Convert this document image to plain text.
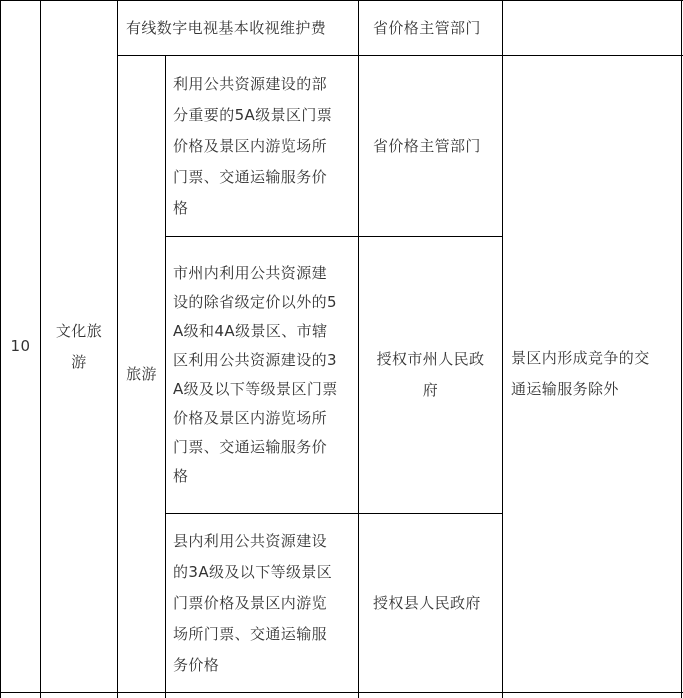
10
文化旅
游
有线数字电视基本收视维护费	省价格主管部门
旅游
利用公共资源建设的部
分重要的5A级景区门票
价格及景区内游览场所
门票、交通运输服务价
格
省价格主管部门
市州内利用公共资源建
设的除省级定价以外的5
A级和4A级景区、市辖
区利用公共资源建设的3
A级及以下等级景区门票
价格及景区内游览场所
门票、交通运输服务价
格
授权市州人民政
府
县内利用公共资源建设
的3A级及以下等级景区
门票价格及景区内游览
场所门票、交通运输服
务价格
授权县人民政府
景区内形成竞争的交
通运输服务除外
